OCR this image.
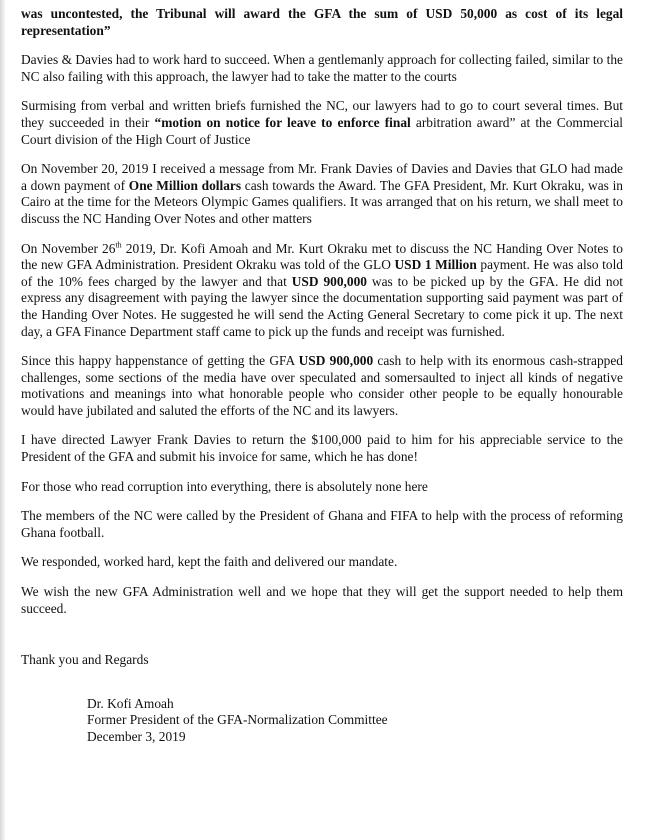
was uncontested, the Tribunal will award the GFA the sum of USD 50,000 as cost of its legal representation”

Davies & Davies had to work hard to succeed. When a gentlemanly approach for collecting failed, similar to the NC also failing with this approach, the lawyer had to take the matter to the courts

Surmising from verbal and written briefs furnished the NC, our lawyers had to go to court several times. But they succeeded in their “motion on notice for leave to enforce final arbitration award” at the Commercial Court division of the High Court of Justice

On November 20, 2019 I received a message from Mr. Frank Davies of Davies and Davies that GLO had made a down payment of One Million dollars cash towards the Award. The GFA President, Mr. Kurt Okraku, was in Cairo at the time for the Meteors Olympic Games qualifiers. It was arranged that on his return, we shall meet to discuss the NC Handing Over Notes and other matters

On November 26th 2019, Dr. Kofi Amoah and Mr. Kurt Okraku met to discuss the NC Handing Over Notes to the new GFA Administration. President Okraku was told of the GLO USD 1 Million payment. He was also told of the 10% fees charged by the lawyer and that USD 900,000 was to be picked up by the GFA. He did not express any disagreement with paying the lawyer since the documentation supporting said payment was part of the Handing Over Notes. He suggested he will send the Acting General Secretary to come pick it up. The next day, a GFA Finance Department staff came to pick up the funds and receipt was furnished.

Since this happy happenstance of getting the GFA USD 900,000 cash to help with its enormous cash-strapped challenges, some sections of the media have over speculated and somersaulted to inject all kinds of negative motivations and meanings into what honorable people who consider other people to be equally honourable would have jubilated and saluted the efforts of the NC and its lawyers.

I have directed Lawyer Frank Davies to return the $100,000 paid to him for his appreciable service to the President of the GFA and submit his invoice for same, which he has done!

For those who read corruption into everything, there is absolutely none here

The members of the NC were called by the President of Ghana and FIFA to help with the process of reforming Ghana football.

We responded, worked hard, kept the faith and delivered our mandate.

We wish the new GFA Administration well and we hope that they will get the support needed to help them succeed.

Thank you and Regards

Dr. Kofi Amoah
Former President of the GFA-Normalization Committee
December 3, 2019
